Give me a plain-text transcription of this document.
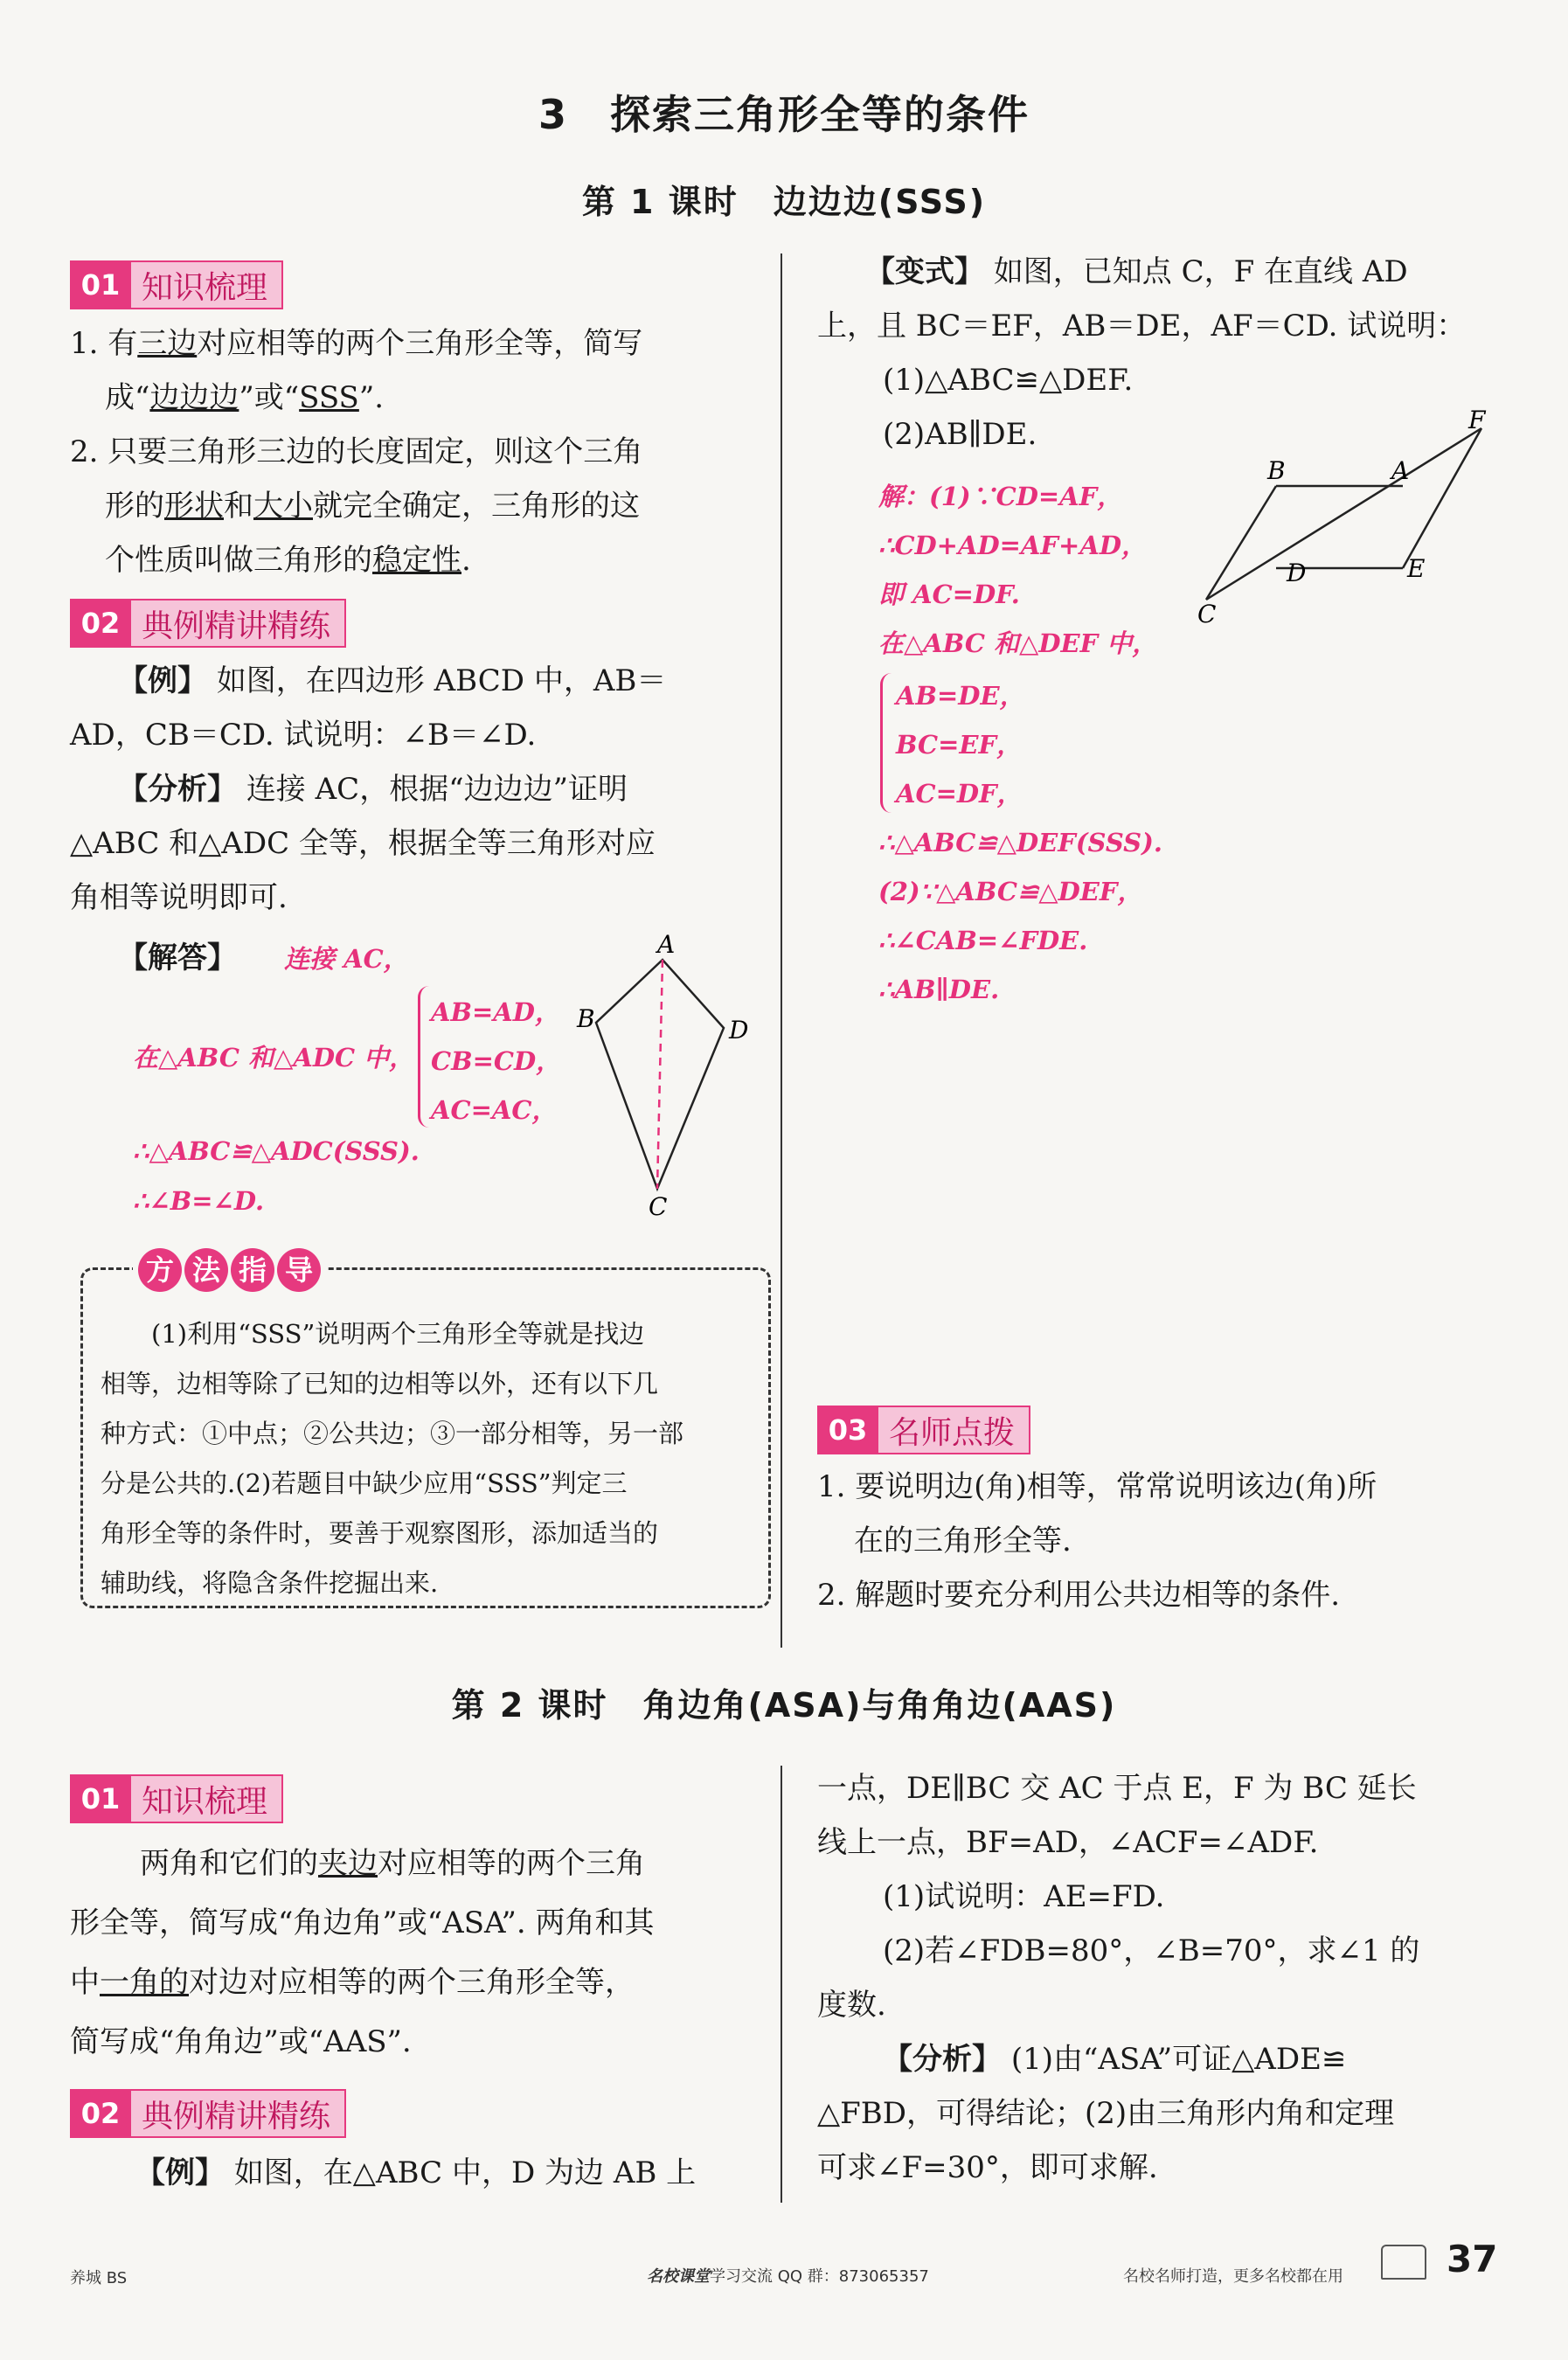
3　探索三角形全等的条件
第 1 课时　边边边(SSS)
01 知识梳理
1. 有三边对应相等的两个三角形全等，简写
成“边边边”或“SSS”.
2. 只要三角形三边的长度固定，则这个三角
形的形状和大小就完全确定，三角形的这
个性质叫做三角形的稳定性.
02 典例精讲精练
【例】 如图，在四边形 ABCD 中，AB＝
AD，CB＝CD. 试说明：∠B＝∠D.
【分析】 连接 AC，根据“边边边”证明
△ABC 和△ADC 全等，根据全等三角形对应
角相等说明即可.
【解答】 连接 AC，
在△ABC 和△ADC 中，
AB=AD，
CB=CD，
AC=AC，
∴△ABC≌△ADC(SSS).
∴∠B=∠D.
A
B
C
D
方 法 指 导
(1)利用“SSS”说明两个三角形全等就是找边
相等，边相等除了已知的边相等以外，还有以下几
种方式：①中点；②公共边；③一部分相等，另一部
分是公共的.(2)若题目中缺少应用“SSS”判定三
角形全等的条件时，要善于观察图形，添加适当的
辅助线，将隐含条件挖掘出来.
【变式】 如图，已知点 C，F 在直线 AD
上，且 BC＝EF，AB＝DE，AF＝CD. 试说明：
(1)△ABC≌△DEF.
(2)AB∥DE.
解：(1)∵CD=AF，
∴CD+AD=AF+AD，
即 AC=DF.
在△ABC 和△DEF 中，
AB=DE，
BC=EF，
AC=DF，
∴△ABC≌△DEF(SSS).
(2)∵△ABC≌△DEF，
∴∠CAB=∠FDE.
∴AB∥DE.
B	A
F
D	E
C
03 名师点拨
1. 要说明边(角)相等，常常说明该边(角)所
在的三角形全等.
2. 解题时要充分利用公共边相等的条件.
第 2 课时　角边角(ASA)与角角边(AAS)
01 知识梳理
两角和它们的夹边对应相等的两个三角
形全等，简写成“角边角”或“ASA”. 两角和其
中一角的对边对应相等的两个三角形全等，
简写成“角角边”或“AAS”.
02 典例精讲精练
【例】 如图，在△ABC 中，D 为边 AB 上
一点，DE∥BC 交 AC 于点 E，F 为 BC 延长
线上一点，BF=AD，∠ACF=∠ADF.
(1)试说明：AE=FD.
(2)若∠FDB=80°，∠B=70°，求∠1 的
度数.
【分析】 (1)由“ASA”可证△ADE≌
△FBD，可得结论；(2)由三角形内角和定理
可求∠F=30°，即可求解.
养城 BS	名校课堂学习交流 QQ 群：873065357	名校名师打造，更多名校都在用	37
